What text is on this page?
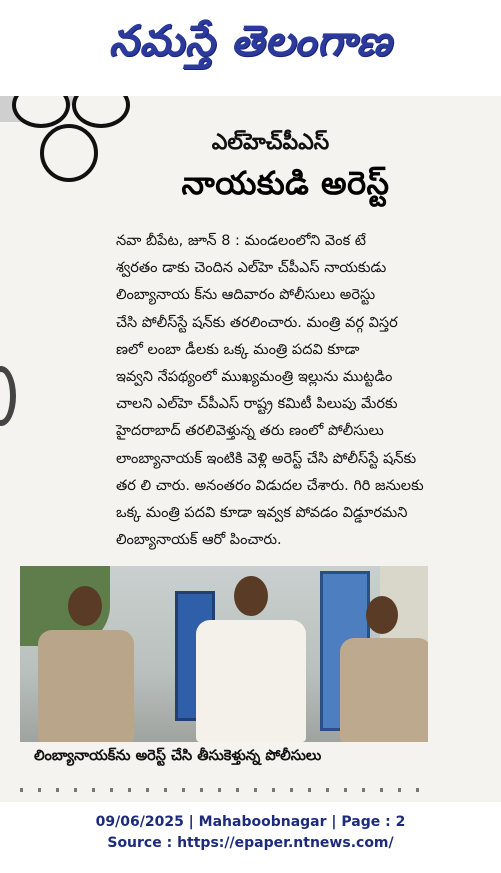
నమస్తే తెలంగాణ
ఎల్‌హెచ్‌పీఎస్
నాయకుడి అరెస్ట్

నవా బీపేట, జూన్ 8 : మండలంలోని వెంక టే

శ్వరతం డాకు చెందిన ఎల్‌హె చ్‌పీఎస్ నాయకుడు

లింబ్యానాయ క్‌ను ఆదివారం పోలీసులు అరెస్టు

చేసి పోలీస్‌స్టే షన్‌కు తరలించారు. మంత్రి వర్గ విస్తర

ణలో లంబా డీలకు ఒక్క మంత్రి పదవి కూడా

ఇవ్వని నేపథ్యంలో ముఖ్యమంత్రి ఇల్లును ముట్టడిం

చాలని ఎల్‌హె చ్‌పీఎస్ రాష్ట్ర కమిటీ పిలుపు మేరకు

హైదరాబాద్ తరలివెళ్తున్న తరు ణంలో పోలీసులు

లాంబ్యానాయక్ ఇంటికి వెళ్లి అరెస్ట్ చేసి పోలీస్‌స్టే షన్‌కు

తర లి చారు. అనంతరం విడుదల చేశారు. గిరి జనులకు

ఒక్క మంత్రి పదవి కూడా ఇవ్వక పోవడం విడ్డూరమని

లింబ్యానాయక్ ఆరో పించారు.

లింబ్యానాయక్‌ను అరెస్ట్ చేసి తీసుకెళ్తున్న పోలీసులు
09/06/2025 | Mahaboobnagar | Page : 2
Source : https://epaper.ntnews.com/
